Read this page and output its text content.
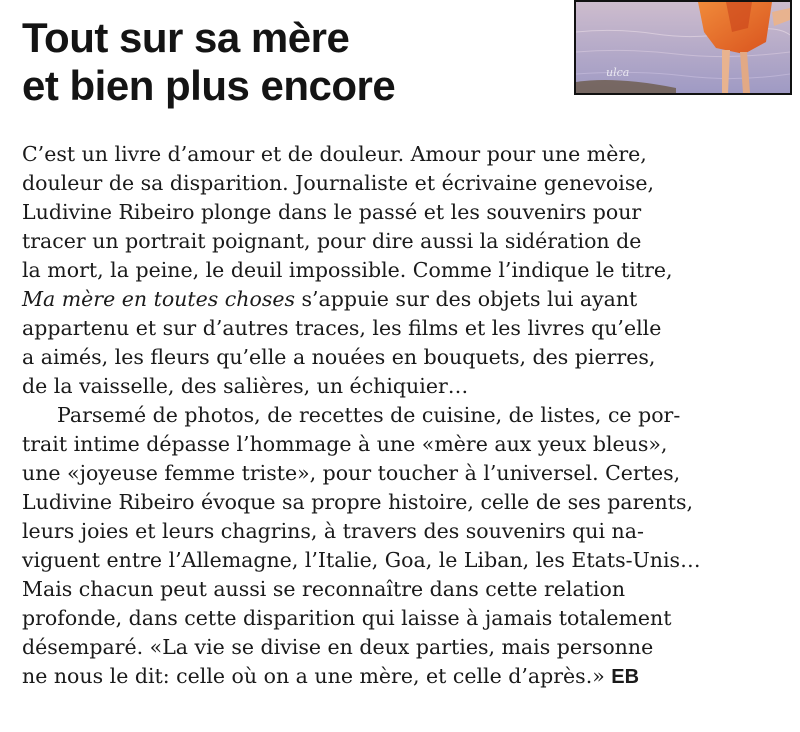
Tout sur sa mère
et bien plus encore	ulca

C’est un livre d’amour et de douleur. Amour pour une mère,
douleur de sa disparition. Journaliste et écrivaine genevoise,
Ludivine Ribeiro plonge dans le passé et les souvenirs pour
tracer un portrait poignant, pour dire aussi la sidération de
la mort, la peine, le deuil impossible. Comme l’indique le titre,
Ma mère en toutes choses s’appuie sur des objets lui ayant
appartenu et sur d’autres traces, les films et les livres qu’elle
a aimés, les fleurs qu’elle a nouées en bouquets, des pierres,
de la vaisselle, des salières, un échiquier…

Parsemé de photos, de recettes de cuisine, de listes, ce por-
trait intime dépasse l’hommage à une «mère aux yeux bleus»,
une «joyeuse femme triste», pour toucher à l’universel. Certes,
Ludivine Ribeiro évoque sa propre histoire, celle de ses parents,
leurs joies et leurs chagrins, à travers des souvenirs qui na-
viguent entre l’Allemagne, l’Italie, Goa, le Liban, les Etats-Unis…
Mais chacun peut aussi se reconnaître dans cette relation
profonde, dans cette disparition qui laisse à jamais totalement
désemparé. «La vie se divise en deux parties, mais personne
ne nous le dit: celle où on a une mère, et celle d’après.» EB
